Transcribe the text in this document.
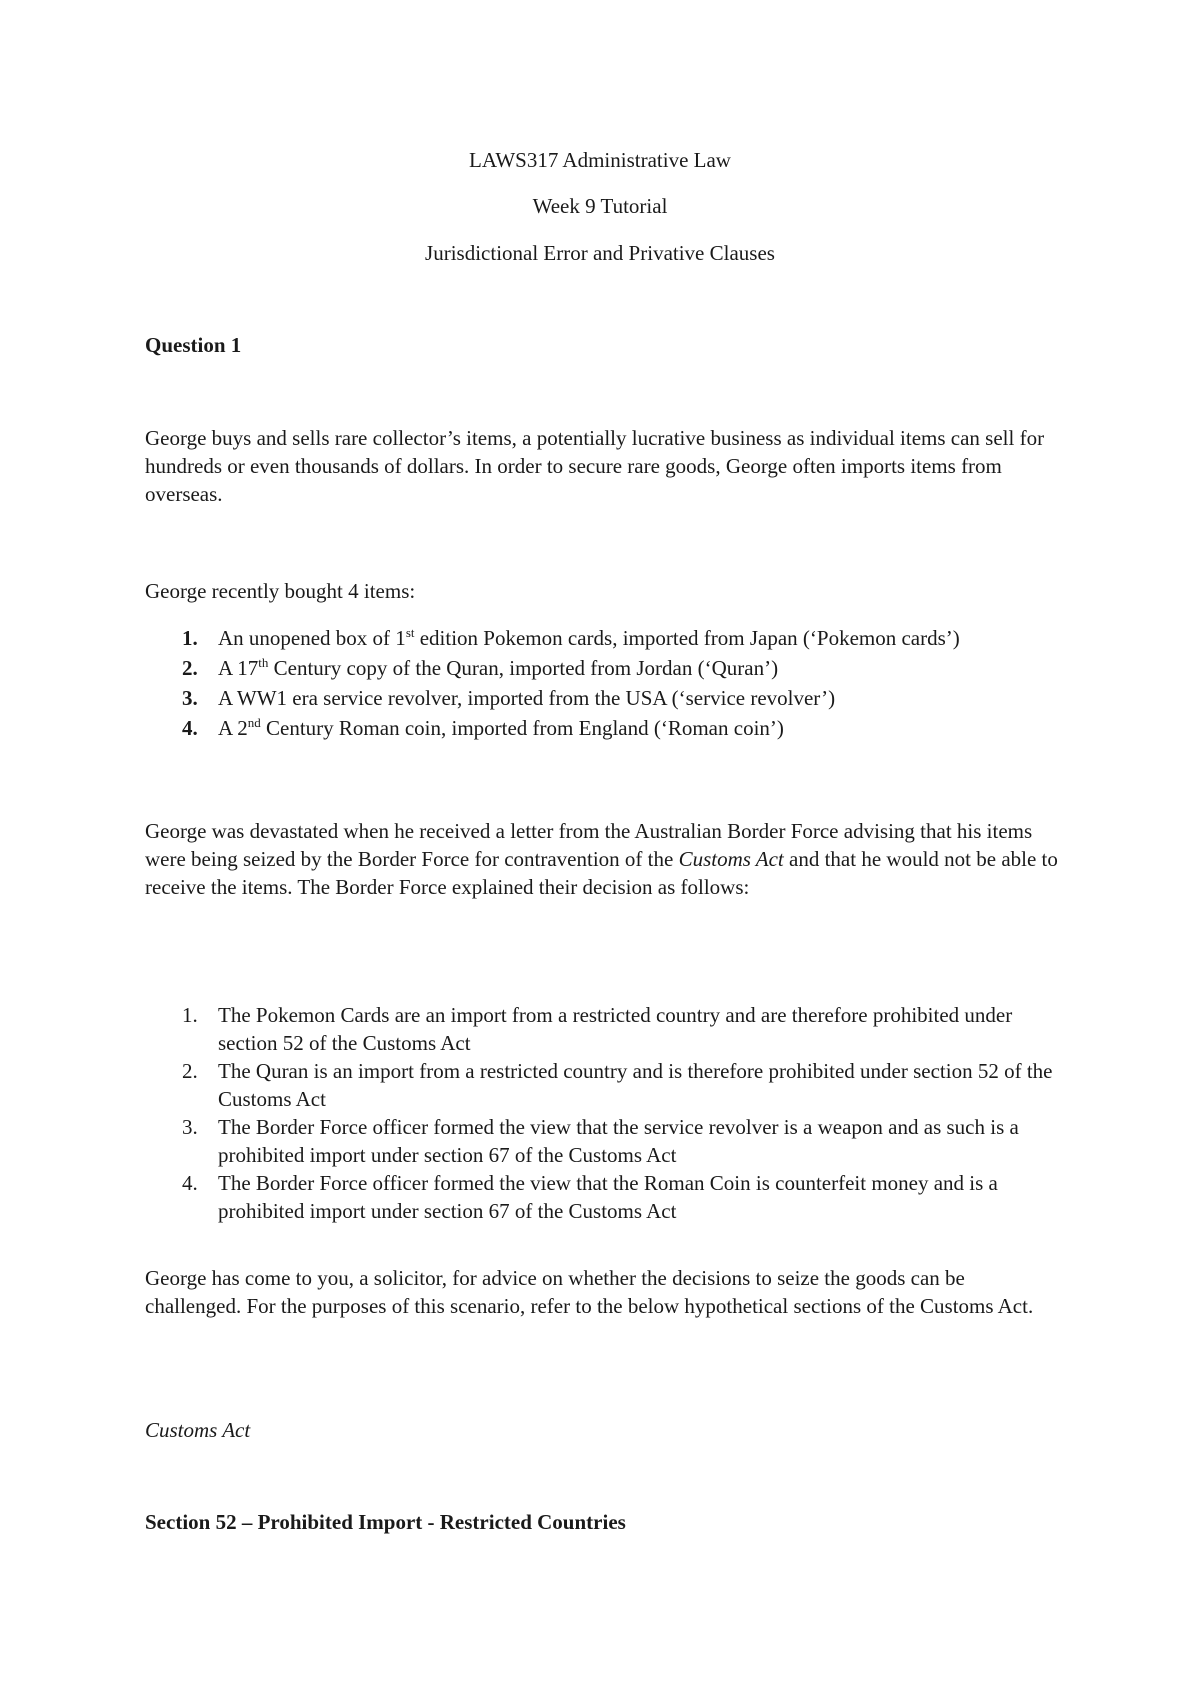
LAWS317 Administrative Law
Week 9 Tutorial
Jurisdictional Error and Privative Clauses
Question 1

George buys and sells rare collector’s items, a potentially lucrative business as individual items can sell for hundreds or even thousands of dollars. In order to secure rare goods, George often imports items from overseas.

George recently bought 4 items:

1. An unopened box of 1st edition Pokemon cards, imported from Japan (‘Pokemon cards’)
2. A 17th Century copy of the Quran, imported from Jordan (‘Quran’)
3. A WW1 era service revolver, imported from the USA (‘service revolver’)
4. A 2nd Century Roman coin, imported from England (‘Roman coin’)

George was devastated when he received a letter from the Australian Border Force advising that his items were being seized by the Border Force for contravention of the Customs Act and that he would not be able to receive the items. The Border Force explained their decision as follows:

1. The Pokemon Cards are an import from a restricted country and are therefore prohibited under section 52 of the Customs Act
2. The Quran is an import from a restricted country and is therefore prohibited under section 52 of the Customs Act
3. The Border Force officer formed the view that the service revolver is a weapon and as such is a prohibited import under section 67 of the Customs Act
4. The Border Force officer formed the view that the Roman Coin is counterfeit money and is a prohibited import under section 67 of the Customs Act

George has come to you, a solicitor, for advice on whether the decisions to seize the goods can be challenged. For the purposes of this scenario, refer to the below hypothetical sections of the Customs Act.

Customs Act
Section 52 – Prohibited Import - Restricted Countries
